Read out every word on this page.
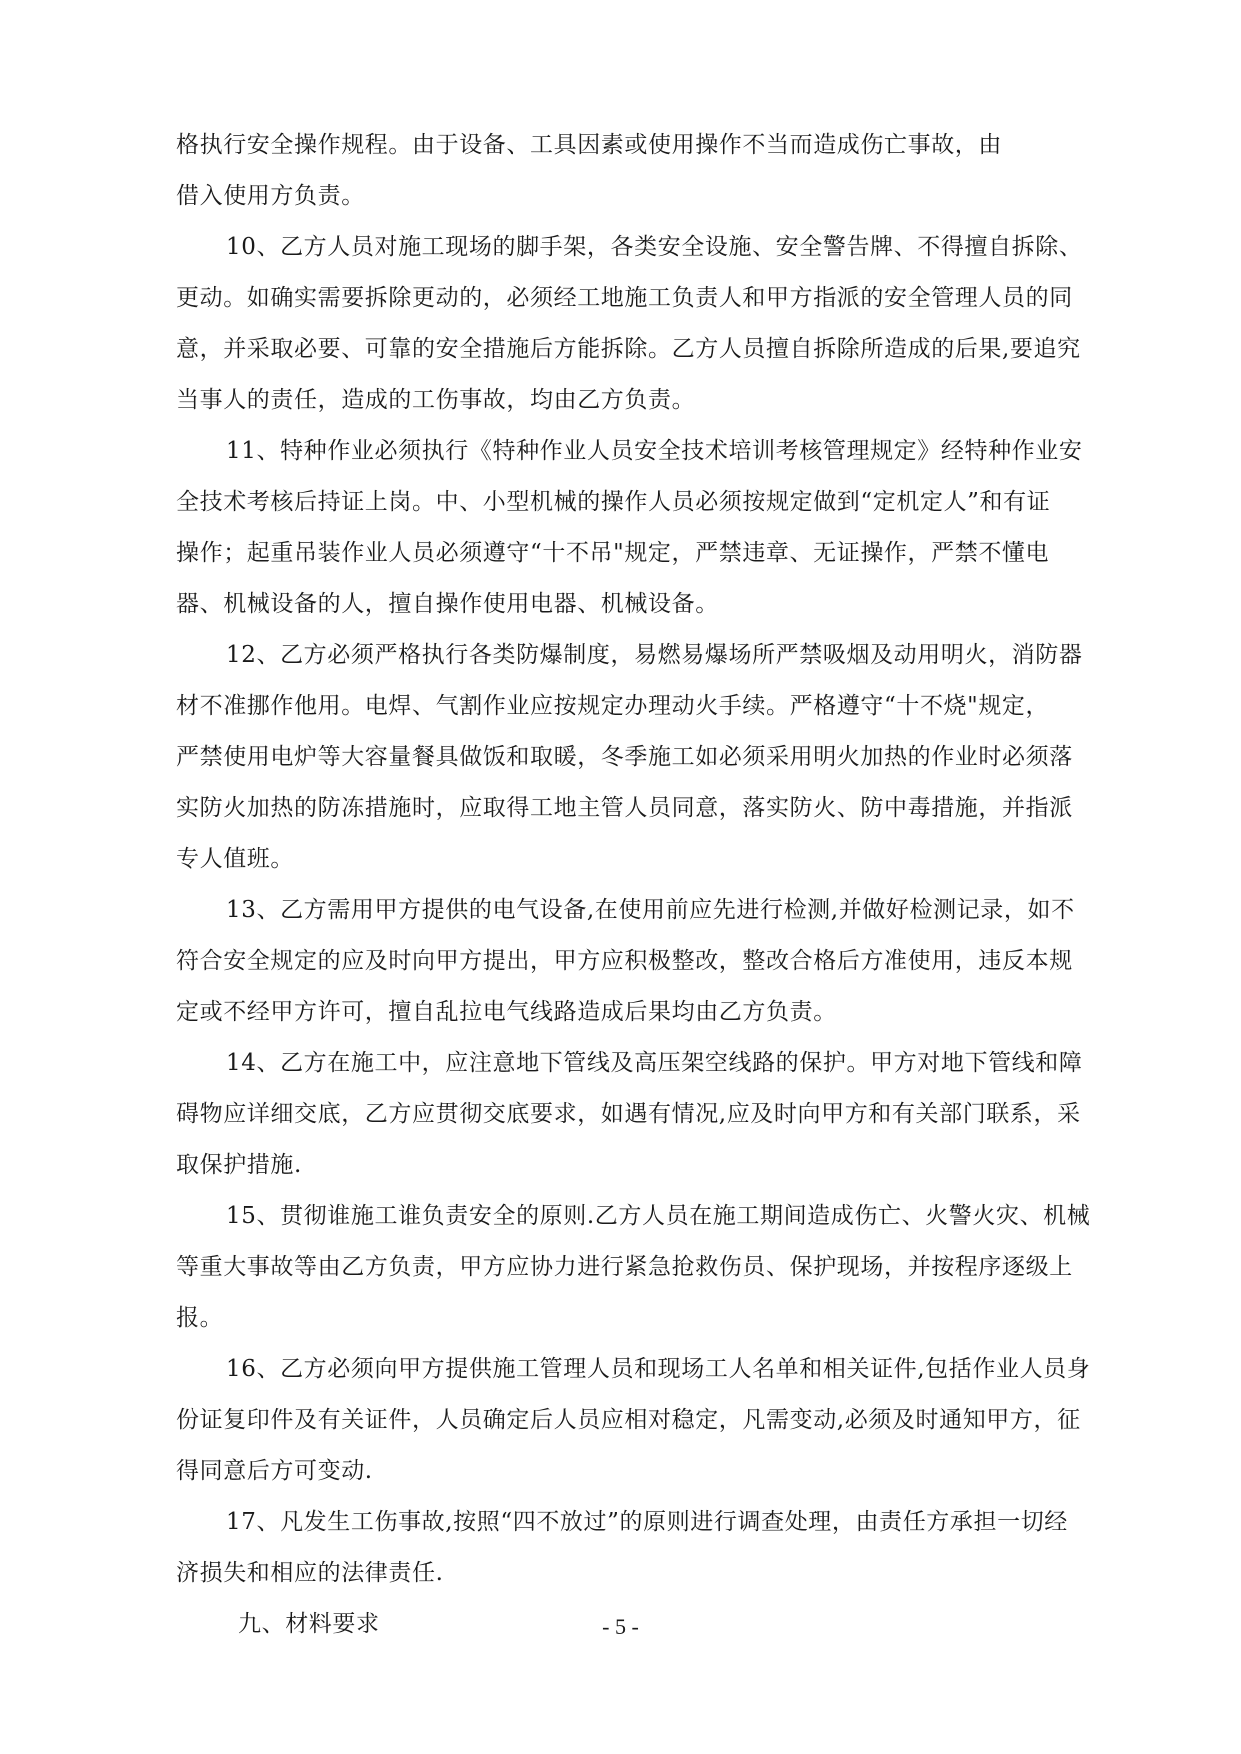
格执行安全操作规程。由于设备、工具因素或使用操作不当而造成伤亡事故，由
借入使用方负责。
10、乙方人员对施工现场的脚手架，各类安全设施、安全警告牌、不得擅自拆除、
更动。如确实需要拆除更动的，必须经工地施工负责人和甲方指派的安全管理人员的同
意，并采取必要、可靠的安全措施后方能拆除。乙方人员擅自拆除所造成的后果,要追究
当事人的责任，造成的工伤事故，均由乙方负责。
11、特种作业必须执行《特种作业人员安全技术培训考核管理规定》经特种作业安
全技术考核后持证上岗。中、小型机械的操作人员必须按规定做到“定机定人”和有证
操作；起重吊装作业人员必须遵守“十不吊"规定，严禁违章、无证操作，严禁不懂电
器、机械设备的人，擅自操作使用电器、机械设备。
12、乙方必须严格执行各类防爆制度，易燃易爆场所严禁吸烟及动用明火，消防器
材不准挪作他用。电焊、气割作业应按规定办理动火手续。严格遵守“十不烧"规定，
严禁使用电炉等大容量餐具做饭和取暖，冬季施工如必须采用明火加热的作业时必须落
实防火加热的防冻措施时，应取得工地主管人员同意，落实防火、防中毒措施，并指派
专人值班。
13、乙方需用甲方提供的电气设备,在使用前应先进行检测,并做好检测记录，如不
符合安全规定的应及时向甲方提出，甲方应积极整改，整改合格后方准使用，违反本规
定或不经甲方许可，擅自乱拉电气线路造成后果均由乙方负责。
14、乙方在施工中，应注意地下管线及高压架空线路的保护。甲方对地下管线和障
碍物应详细交底，乙方应贯彻交底要求，如遇有情况,应及时向甲方和有关部门联系，采
取保护措施.
15、贯彻谁施工谁负责安全的原则.乙方人员在施工期间造成伤亡、火警火灾、机械
等重大事故等由乙方负责，甲方应协力进行紧急抢救伤员、保护现场，并按程序逐级上
报。
16、乙方必须向甲方提供施工管理人员和现场工人名单和相关证件,包括作业人员身
份证复印件及有关证件，人员确定后人员应相对稳定，凡需变动,必须及时通知甲方，征
得同意后方可变动.
17、凡发生工伤事故,按照“四不放过”的原则进行调查处理，由责任方承担一切经
济损失和相应的法律责任.
九、材料要求	- 5 -
